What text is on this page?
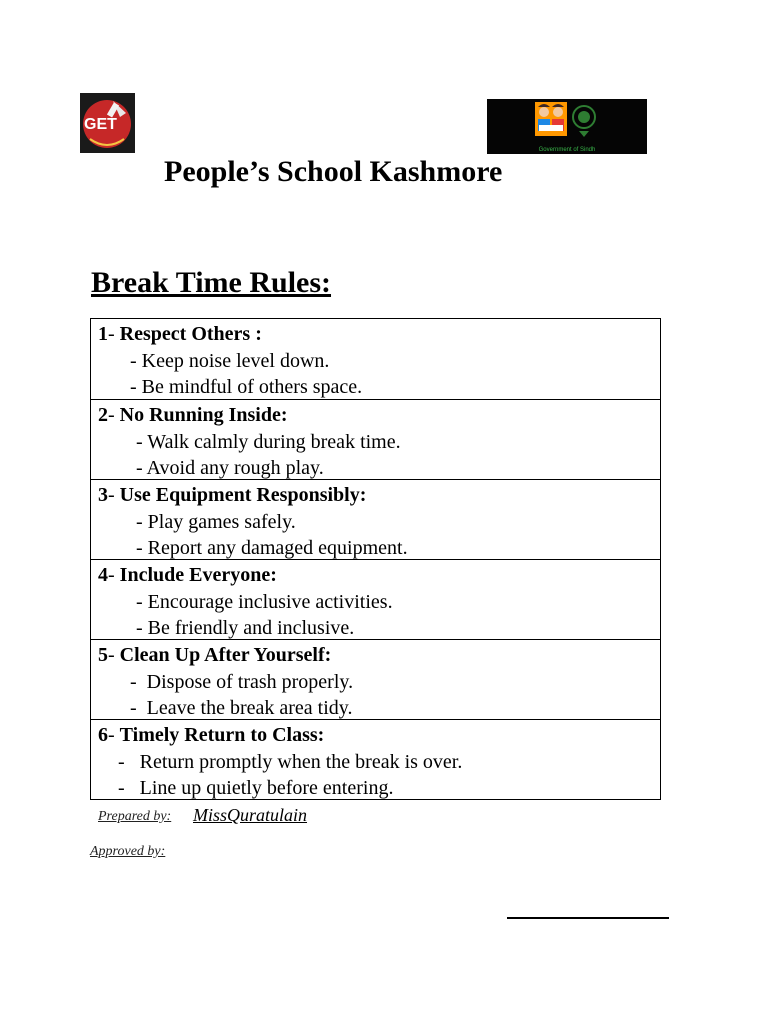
GET
Government of Sindh
People’s School Kashmore
Break Time Rules:
1- Respect Others :
- Keep noise level down.
- Be mindful of others space.
2- No Running Inside:
- Walk calmly during break time.
- Avoid any rough play.
3- Use Equipment Responsibly:
- Play games safely.
- Report any damaged equipment.
4- Include Everyone:
- Encourage inclusive activities.
- Be friendly and inclusive.
5- Clean Up After Yourself:
-  Dispose of trash properly.
-  Leave the break area tidy.
6- Timely Return to Class:
-   Return promptly when the break is over.
-   Line up quietly before entering.
Prepared by: MissQuratulain
Approved by:
